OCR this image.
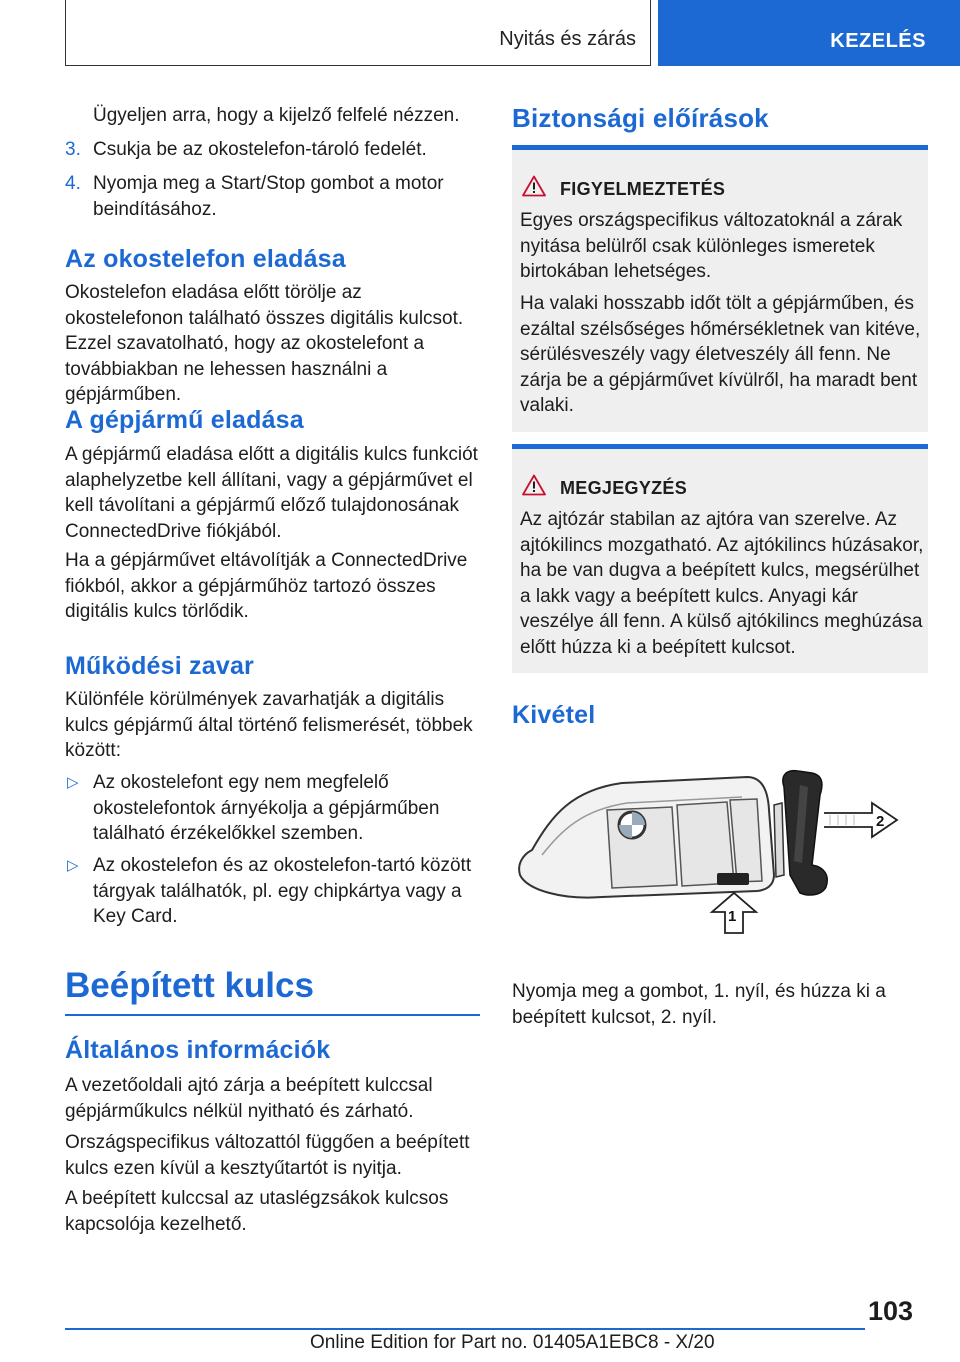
Nyitás és zárás	KEZELÉS

Ügyeljen arra, hogy a kijelző felfelé nézzen.

3. Csukja be az okostelefon-tároló fedelét.

4. Nyomja meg a Start/Stop gombot a motor beindításához.

Az okostelefon eladása

Okostelefon eladása előtt törölje az okostelefonon található összes digitális kulcsot. Ezzel szavatolható, hogy az okostelefont a továbbiakban ne lehessen használni a gépjárműben.

A gépjármű eladása

A gépjármű eladása előtt a digitális kulcs funkciót alaphelyzetbe kell állítani, vagy a gépjárművet el kell távolítani a gépjármű előző tulajdonosának ConnectedDrive fiókjából.

Ha a gépjárművet eltávolítják a ConnectedDrive fiókból, akkor a gépjárműhöz tartozó összes digitális kulcs törlődik.

Működési zavar

Különféle körülmények zavarhatják a digitális kulcs gépjármű által történő felismerését, többek között:

▷ Az okostelefont egy nem megfelelő okostelefontok árnyékolja a gépjárműben található érzékelőkkel szemben.

▷ Az okostelefon és az okostelefon-tartó között tárgyak találhatók, pl. egy chipkártya vagy a Key Card.

Beépített kulcs
Általános információk

A vezetőoldali ajtó zárja a beépített kulccsal gépjárműkulcs nélkül nyitható és zárható.

Országspecifikus változattól függően a beépített kulcs ezen kívül a kesztyűtartót is nyitja.

A beépített kulccsal az utaslégzsákok kulcsos kapcsolója kezelhető.

Biztonsági előírások
FIGYELMEZTETÉS

Egyes országspecifikus változatoknál a zárak nyitása belülről csak különleges ismeretek birtokában lehetséges.

Ha valaki hosszabb időt tölt a gépjárműben, és ezáltal szélsőséges hőmérsékletnek van kitéve, sérülésveszély vagy életveszély áll fenn. Ne zárja be a gépjárművet kívülről, ha maradt bent valaki.

MEGJEGYZÉS

Az ajtózár stabilan az ajtóra van szerelve. Az ajtókilincs mozgatható. Az ajtókilincs húzásakor, ha be van dugva a beépített kulcs, megsérülhet a lakk vagy a beépített kulcs. Anyagi kár veszélye áll fenn. A külső ajtókilincs meghúzása előtt húzza ki a beépített kulcsot.

Kivétel
2
1

Nyomja meg a gombot, 1. nyíl, és húzza ki a beépített kulcsot, 2. nyíl.

103
Online Edition for Part no. 01405A1EBC8 - X/20
